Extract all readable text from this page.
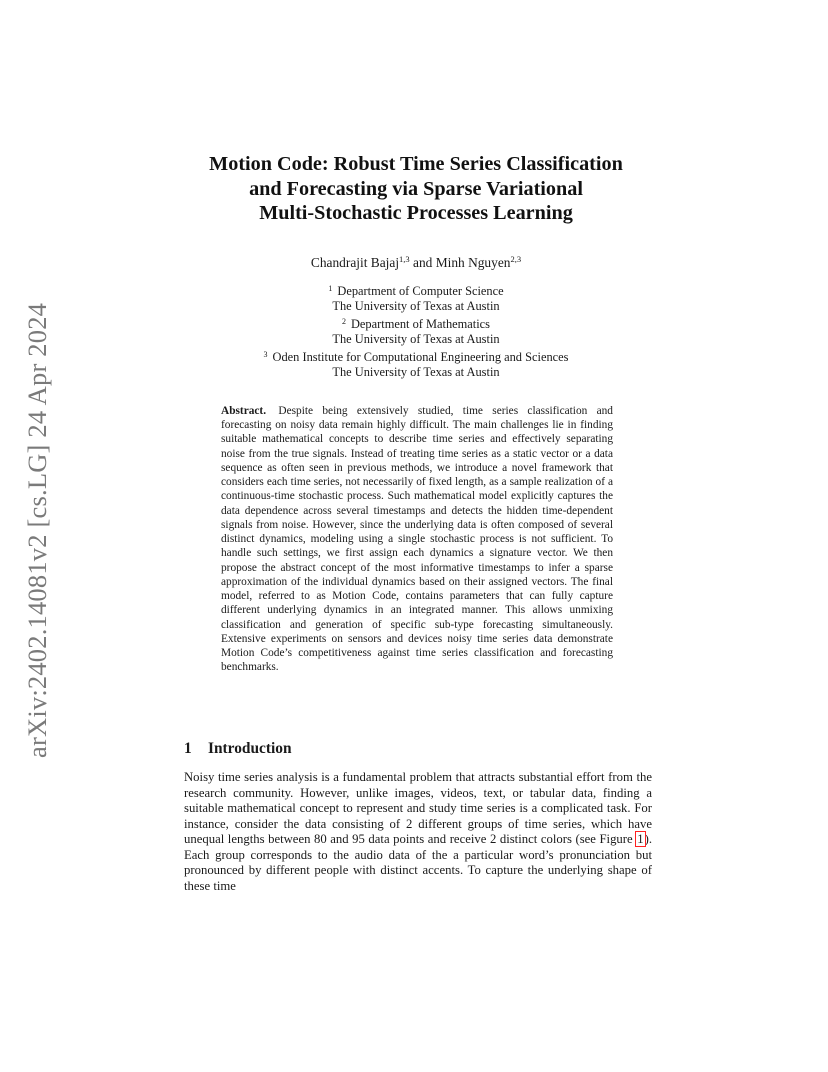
arXiv:2402.14081v2 [cs.LG] 24 Apr 2024
Motion Code: Robust Time Series Classification
and Forecasting via Sparse Variational
Multi-Stochastic Processes Learning
Chandrajit Bajaj$^{1,3}$ and Minh Nguyen$^{2,3}$
$^1$ Department of Computer Science
The University of Texas at Austin
$^2$ Department of Mathematics
The University of Texas at Austin
$^3$ Oden Institute for Computational Engineering and Sciences
The University of Texas at Austin
Abstract. Despite being extensively studied, time series classification and forecasting on noisy data remain highly difficult. The main challenges lie in finding suitable mathematical concepts to describe time series and effectively separating noise from the true signals. Instead of treating time series as a static vector or a data sequence as often seen in previous methods, we introduce a novel framework that considers each time series, not necessarily of fixed length, as a sample realization of a continuous-time stochastic process. Such mathematical model explicitly captures the data dependence across several timestamps and detects the hidden time-dependent signals from noise. However, since the underlying data is often composed of several distinct dynamics, modeling using a single stochastic process is not sufficient. To handle such settings, we first assign each dynamics a signature vector. We then propose the abstract concept of the most informative timestamps to infer a sparse approximation of the individual dynamics based on their assigned vectors. The final model, referred to as Motion Code, contains parameters that can fully capture different underlying dynamics in an integrated manner. This allows unmixing classification and generation of specific sub-type forecasting simultaneously. Extensive experiments on sensors and devices noisy time series data demonstrate Motion Code’s competitiveness against time series classification and forecasting benchmarks.
1 Introduction
Noisy time series analysis is a fundamental problem that attracts substantial effort from the research community. However, unlike images, videos, text, or tabular data, finding a suitable mathematical concept to represent and study time series is a complicated task. For instance, consider the data consisting of 2 different groups of time series, which have unequal lengths between 80 and 95 data points and receive 2 distinct colors (see Figure 1). Each group corresponds to the audio data of the a particular word’s pronunciation but pronounced by different people with distinct accents. To capture the underlying shape of these time
